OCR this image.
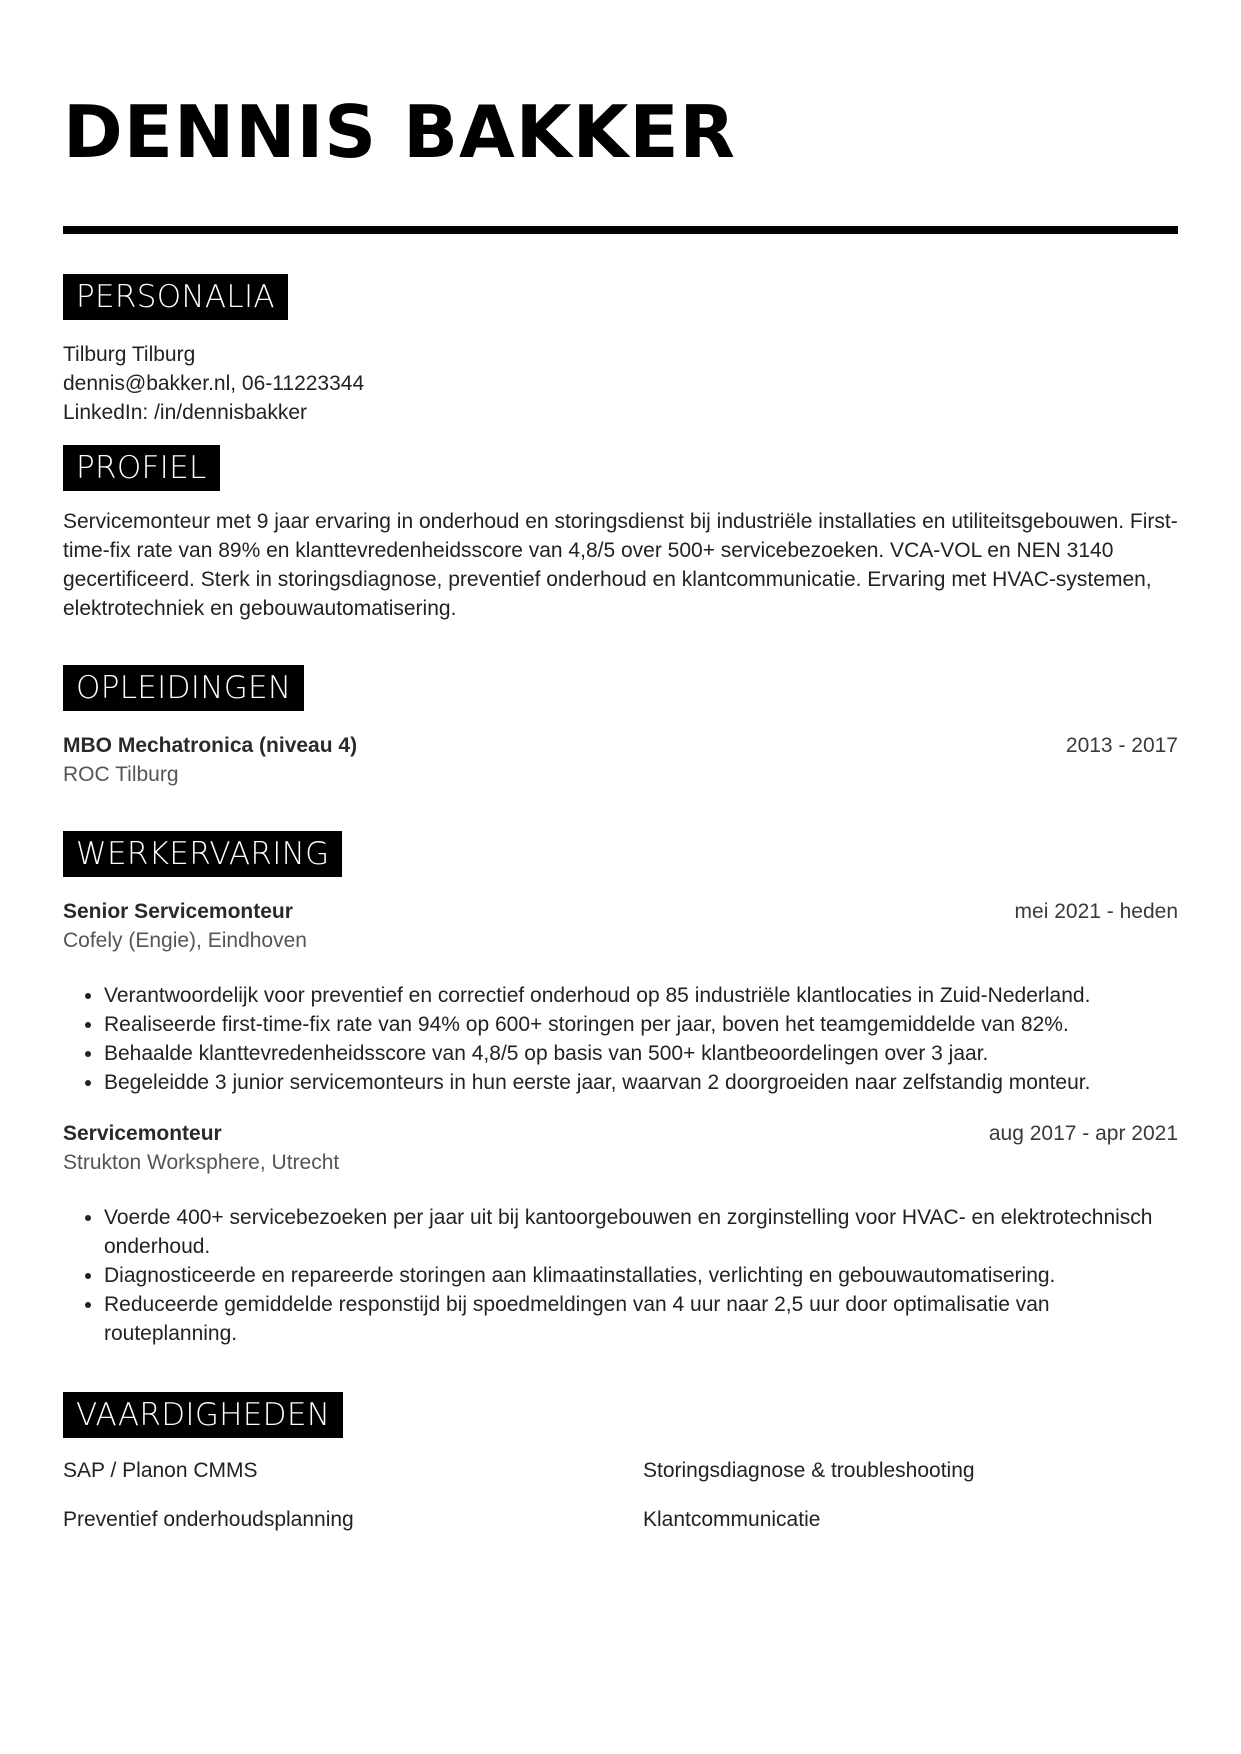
DENNIS BAKKER
PERSONALIA
Tilburg Tilburg
dennis@bakker.nl, 06-11223344
LinkedIn: /in/dennisbakker
PROFIEL

Servicemonteur met 9 jaar ervaring in onderhoud en storingsdienst bij industriële installaties en utiliteitsgebouwen. First-time-fix rate van 89% en klanttevredenheidsscore van 4,8/5 over 500+ servicebezoeken. VCA-VOL en NEN 3140 gecertificeerd. Sterk in storingsdiagnose, preventief onderhoud en klantcommunicatie. Ervaring met HVAC-systemen, elektrotechniek en gebouwautomatisering.

OPLEIDINGEN
MBO Mechatronica (niveau 4)	2013 - 2017
ROC Tilburg
WERKERVARING
Senior Servicemonteur	mei 2021 - heden
Cofely (Engie), Eindhoven
• Verantwoordelijk voor preventief en correctief onderhoud op 85 industriële klantlocaties in Zuid-Nederland.
• Realiseerde first-time-fix rate van 94% op 600+ storingen per jaar, boven het teamgemiddelde van 82%.
• Behaalde klanttevredenheidsscore van 4,8/5 op basis van 500+ klantbeoordelingen over 3 jaar.
• Begeleidde 3 junior servicemonteurs in hun eerste jaar, waarvan 2 doorgroeiden naar zelfstandig monteur.
Servicemonteur	aug 2017 - apr 2021
Strukton Worksphere, Utrecht
• Voerde 400+ servicebezoeken per jaar uit bij kantoorgebouwen en zorginstelling voor HVAC- en elektrotechnisch onderhoud.
• Diagnosticeerde en repareerde storingen aan klimaatinstallaties, verlichting en gebouwautomatisering.
• Reduceerde gemiddelde responstijd bij spoedmeldingen van 4 uur naar 2,5 uur door optimalisatie van routeplanning.
VAARDIGHEDEN
SAP / Planon CMMS	Storingsdiagnose & troubleshooting
Preventief onderhoudsplanning	Klantcommunicatie
